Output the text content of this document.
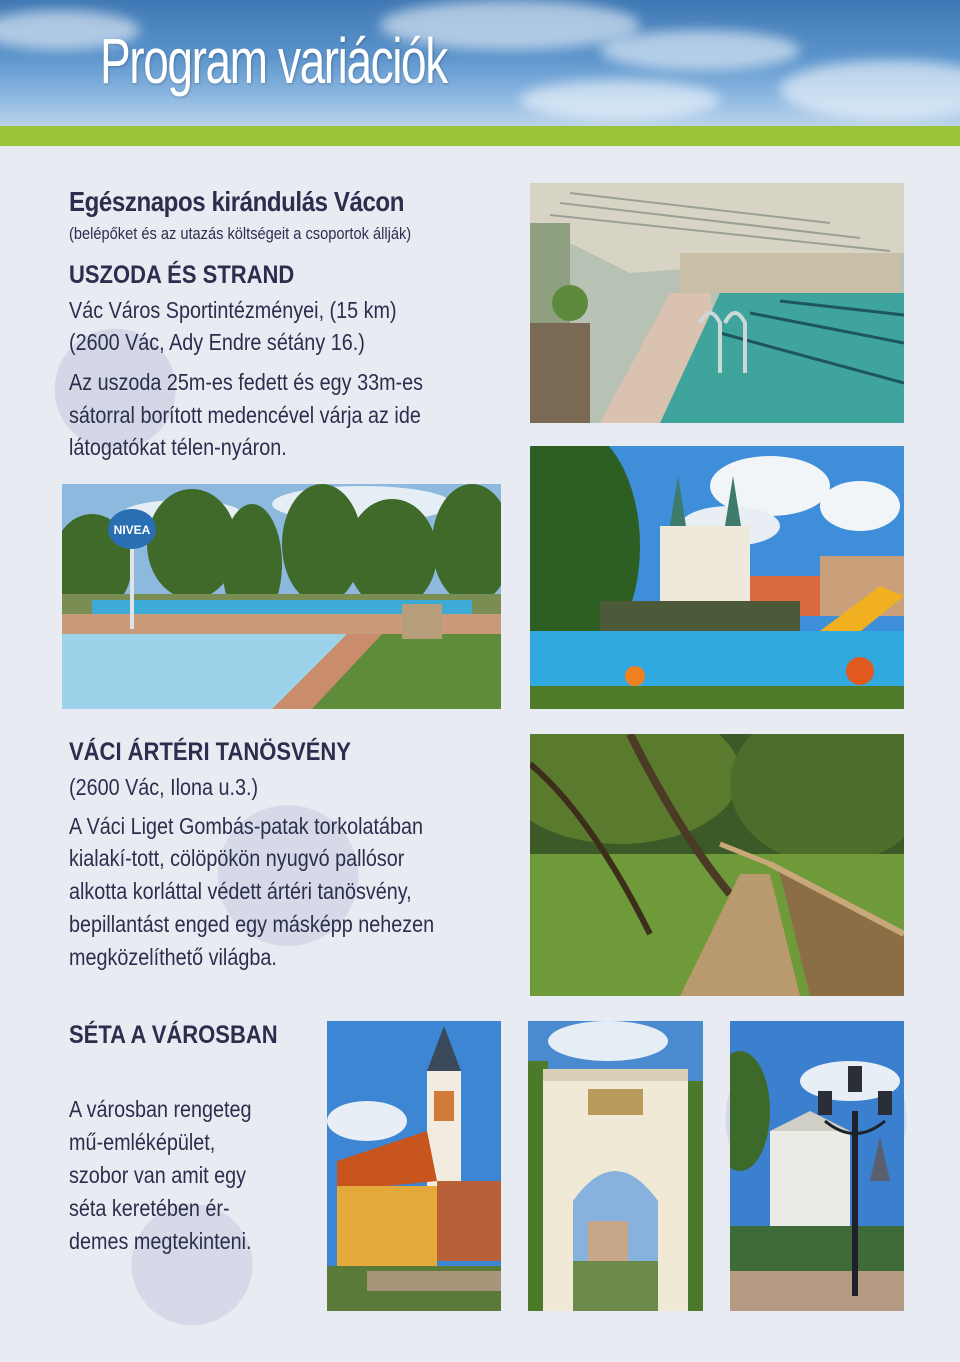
Program variációk
Egésznapos kirándulás Vácon
(belépőket és az utazás költségeit a csoportok állják)
USZODA ÉS STRAND
Vác Város Sportintézményei, (15 km)
(2600 Vác, Ady Endre sétány 16.)
Az uszoda 25m-es fedett és egy 33m-es
sátorral borított medencével várja az ide
látogatókat télen-nyáron.
NIVEA
VÁCI ÁRTÉRI TANÖSVÉNY
(2600 Vác, Ilona u.3.)
A Váci Liget Gombás-patak torkolatában
kialakí-tott, cölöpökön nyugvó pallósor
alkotta korláttal védett ártéri tanösvény,
bepillantást enged egy másképp nehezen
megközelíthető világba.
SÉTA A VÁROSBAN
A városban rengeteg
mű-emléképület,
szobor van amit egy
séta keretében ér-
demes megtekinteni.
